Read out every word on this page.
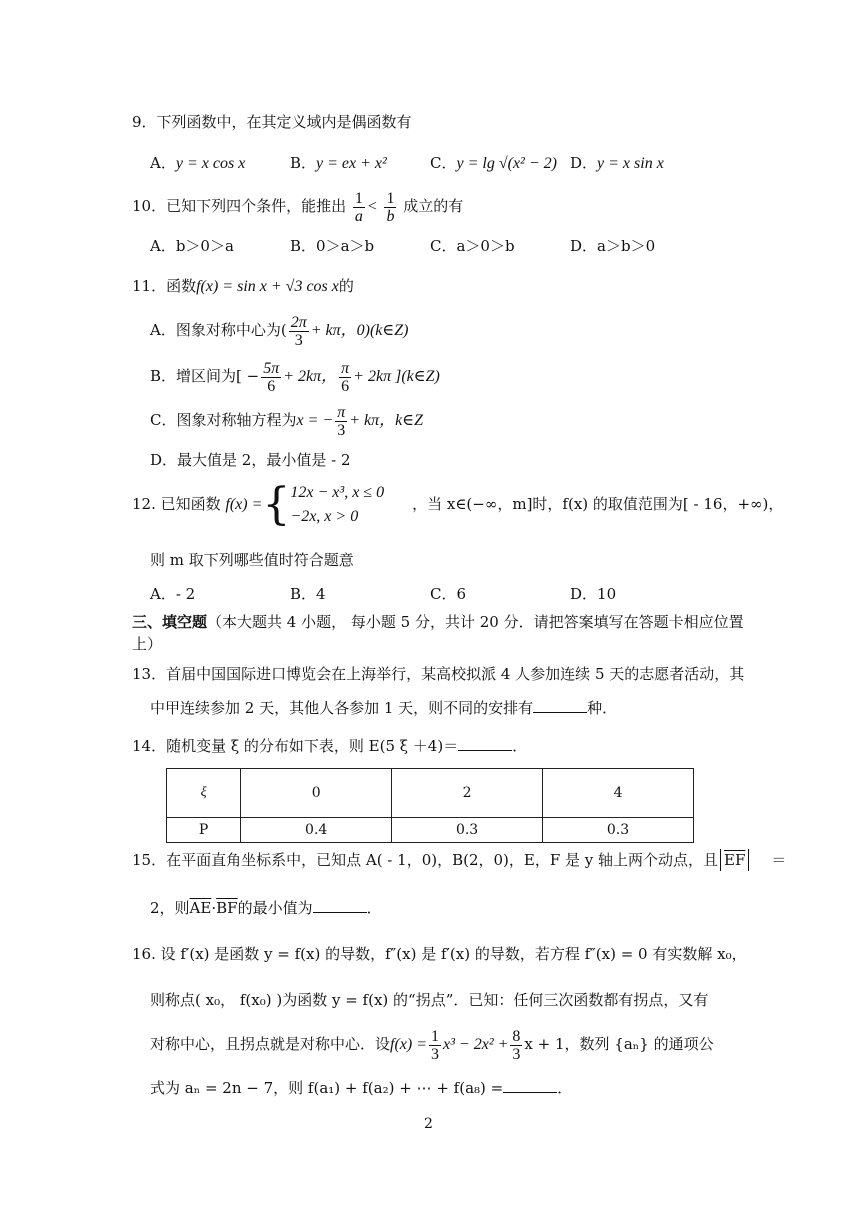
9．下列函数中，在其定义域内是偶函数有
A．y = x cos x	B．y = ex + x²	C．y = lg √(x² − 2) D．y = x sin x
10．已知下列四个条件，能推出 $\frac{1}{a} < \frac{1}{b}$ 成立的有
A．b＞0＞a	B．0＞a＞b	C．a＞0＞b	D．a＞b＞0
11．函数f(x) = sin x + √3 cos x的
A．图象对称中心为( $\frac{2\pi}{3} + k\pi$，0)(k∈Z)
B．增区间为[ − $\frac{5\pi}{6} + 2k\pi$， $\frac{\pi}{6} + 2k\pi$ ](k∈Z)
C．图象对称轴方程为x = − $\frac{\pi}{3} + k\pi$，k∈Z
D．最大值是 2，最小值是 - 2
12. 已知函数 f(x) ={ 12x − x³, x ≤ 0
−2x, x > 0
，当 x∈(−∞，m]时，f(x) 的取值范围为[ - 16，+∞)，
则 m 取下列哪些值时符合题意
A．- 2	B．4	C．6	D．10
三、填空题（本大题共 4 小题， 每小题 5 分，共计 20 分．请把答案填写在答题卡相应位置
上）
13．首届中国国际进口博览会在上海举行，某高校拟派 4 人参加连续 5 天的志愿者活动，其
中甲连续参加 2 天，其他人各参加 1 天，则不同的安排有	种．
14．随机变量 ξ 的分布如下表，则 E(5 ξ ＋4)＝	．
ξ	0	2	4
P	0.4	0.3	0.3
15．在平面直角坐标系中，已知点 A( - 1，0)，B(2，0)，E，F 是 y 轴上两个动点，且 $\overline{EF}$ ＝
2，则$\overline{AE}\cdot\overline{BF}$的最小值为	．
16. 设 f′(x) 是函数 y = f(x) 的导数，f″(x) 是 f′(x) 的导数，若方程 f″(x) = 0 有实数解 x₀，
则称点( x₀， f(x₀) )为函数 y = f(x) 的“拐点”．已知：任何三次函数都有拐点，又有
对称中心，且拐点就是对称中心．设$f(x) = \frac{1}{3} x^3 - 2x^2 + \frac{8}{3}$ x + 1，数列 {aₙ} 的通项公
式为 aₙ = 2n − 7，则 f(a₁) + f(a₂) + ⋯ + f(a₈) =	．
2
